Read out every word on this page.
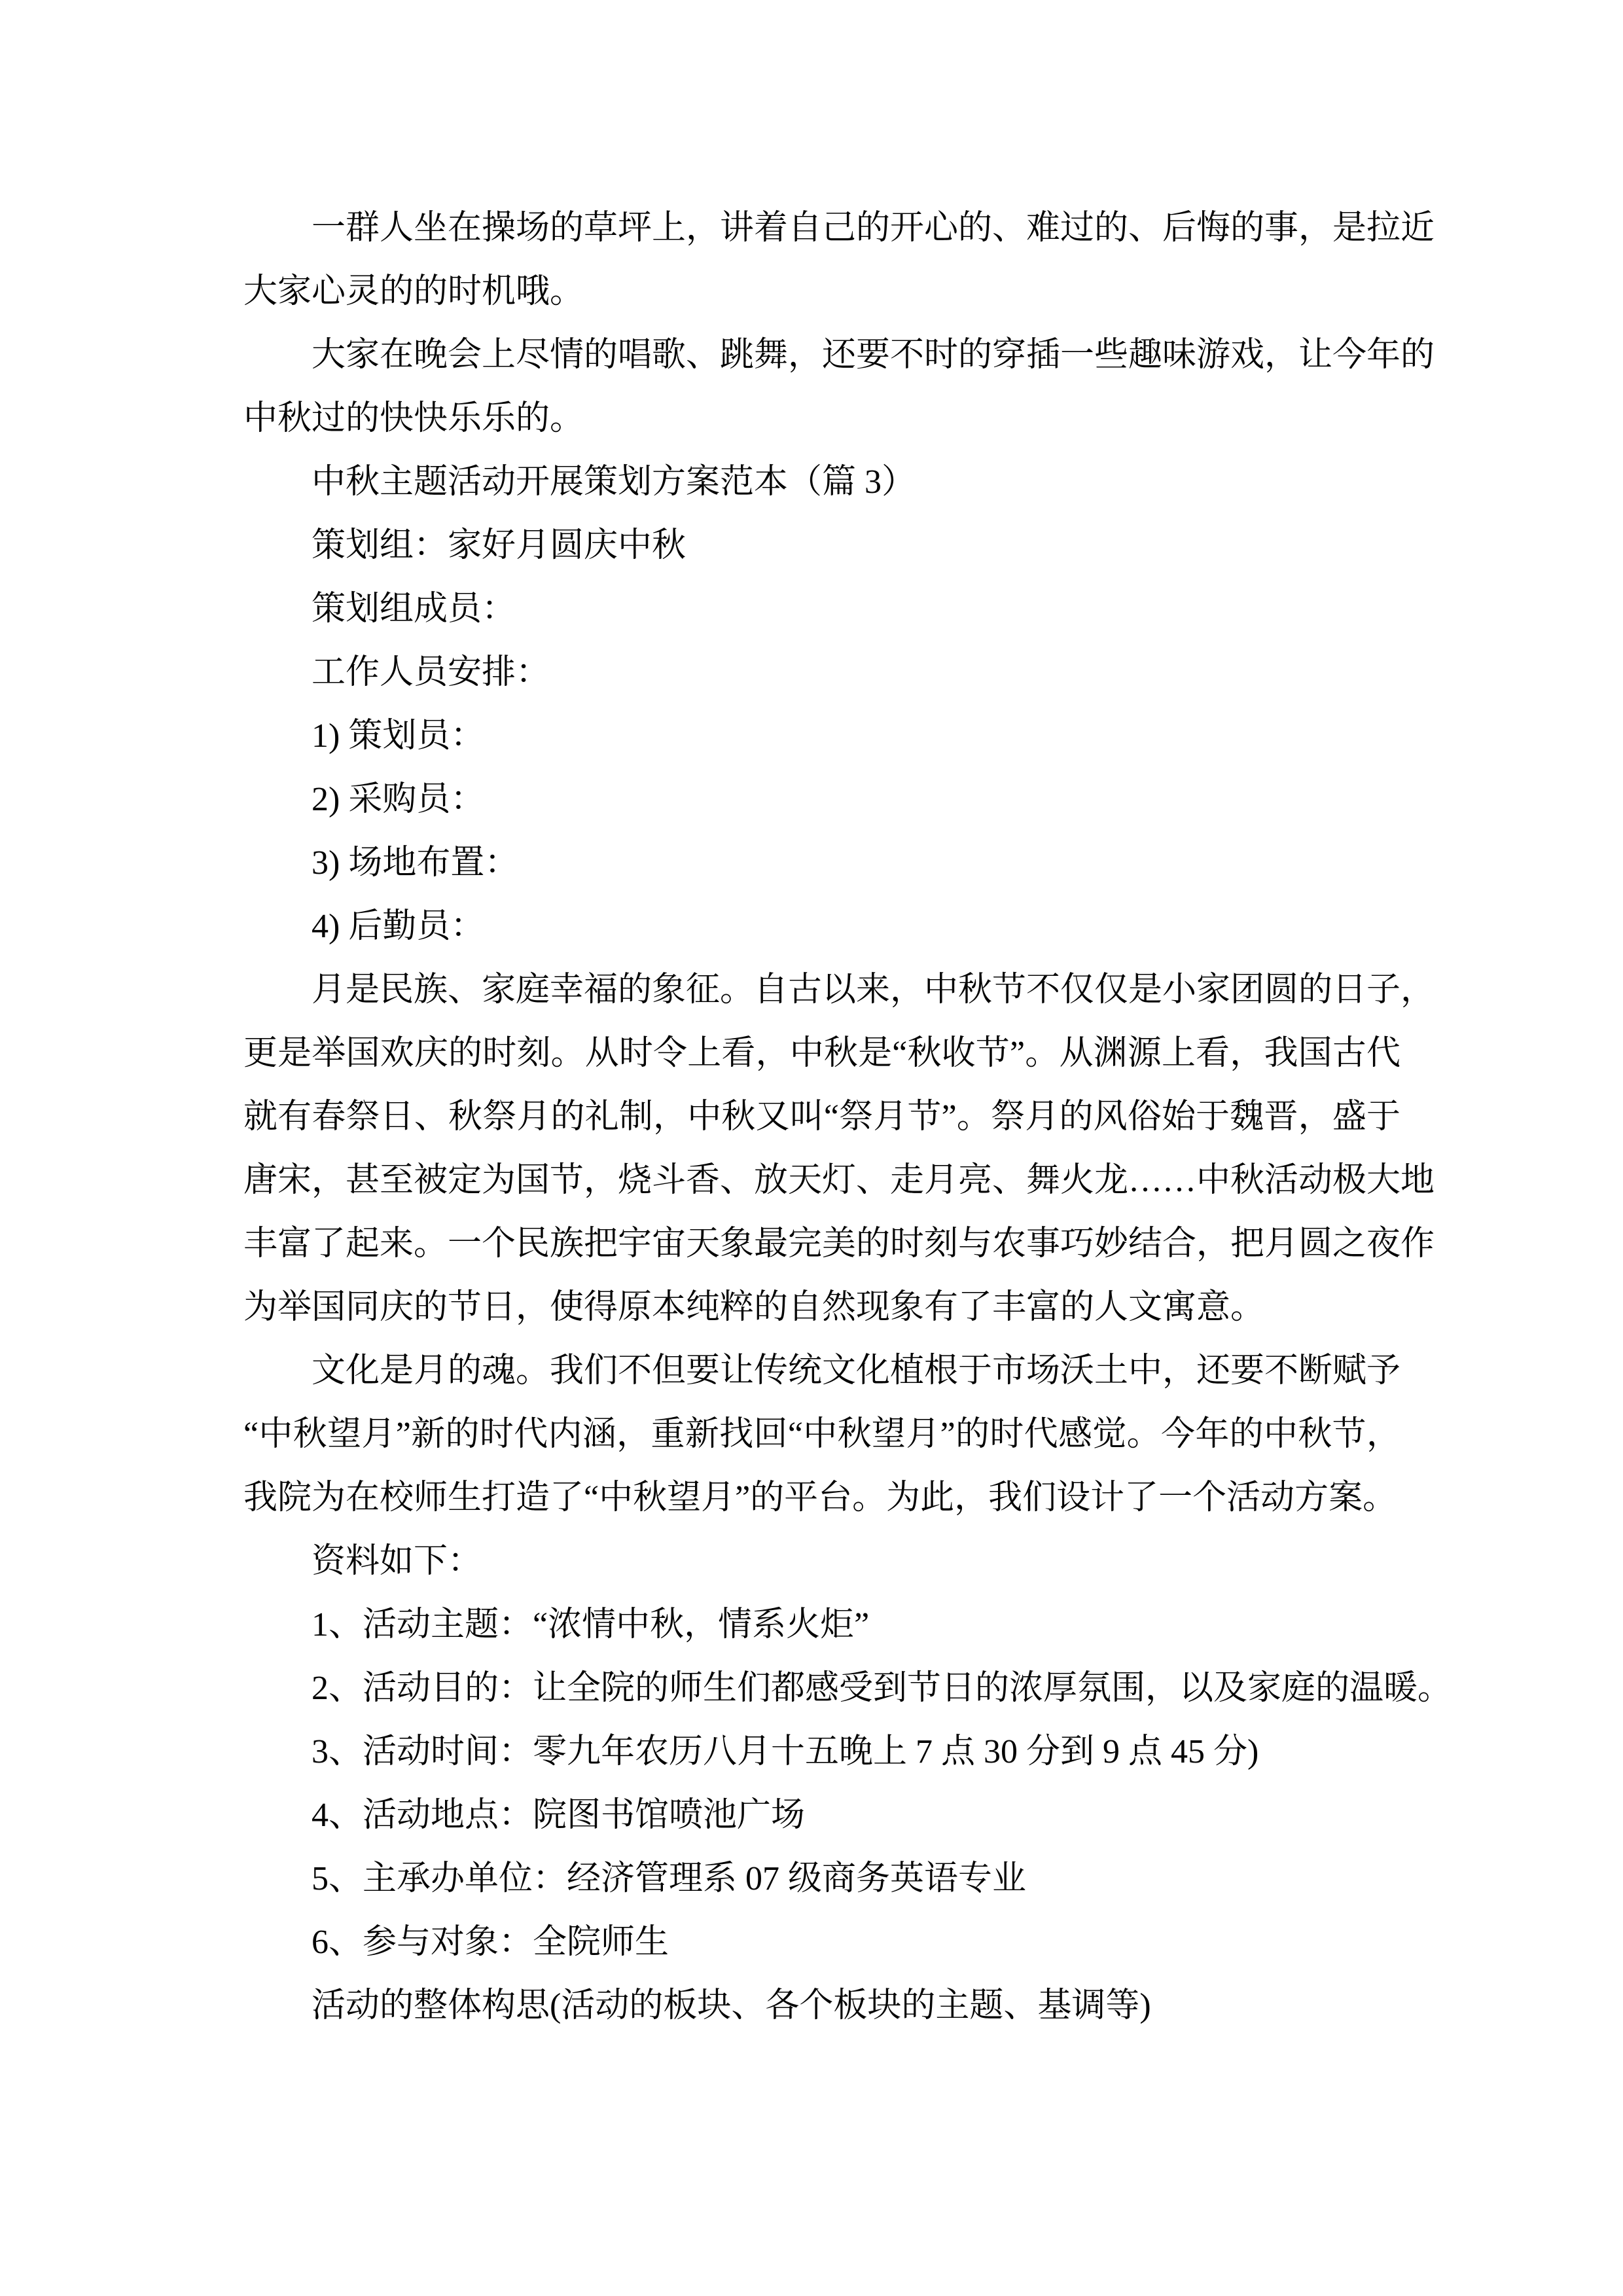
一群人坐在操场的草坪上，讲着自己的开心的、难过的、后悔的事，是拉近
大家心灵的的时机哦。
大家在晚会上尽情的唱歌、跳舞，还要不时的穿插一些趣味游戏，让今年的
中秋过的快快乐乐的。
中秋主题活动开展策划方案范本（篇 3）
策划组：家好月圆庆中秋
策划组成员：
工作人员安排：
1) 策划员：
2) 采购员：
3) 场地布置：
4) 后勤员：
月是民族、家庭幸福的象征。自古以来，中秋节不仅仅是小家团圆的日子，
更是举国欢庆的时刻。从时令上看，中秋是“秋收节”。从渊源上看，我国古代
就有春祭日、秋祭月的礼制，中秋又叫“祭月节”。祭月的风俗始于魏晋，盛于
唐宋，甚至被定为国节，烧斗香、放天灯、走月亮、舞火龙……中秋活动极大地
丰富了起来。一个民族把宇宙天象最完美的时刻与农事巧妙结合，把月圆之夜作
为举国同庆的节日，使得原本纯粹的自然现象有了丰富的人文寓意。
文化是月的魂。我们不但要让传统文化植根于市场沃土中，还要不断赋予
“中秋望月”新的时代内涵，重新找回“中秋望月”的时代感觉。今年的中秋节，
我院为在校师生打造了“中秋望月”的平台。为此，我们设计了一个活动方案。
资料如下：
1、活动主题：“浓情中秋，情系火炬”
2、活动目的：让全院的师生们都感受到节日的浓厚氛围，以及家庭的温暖。
3、活动时间：零九年农历八月十五晚上 7 点 30 分到 9 点 45 分)
4、活动地点：院图书馆喷池广场
5、主承办单位：经济管理系 07 级商务英语专业
6、参与对象：全院师生
活动的整体构思(活动的板块、各个板块的主题、基调等)
